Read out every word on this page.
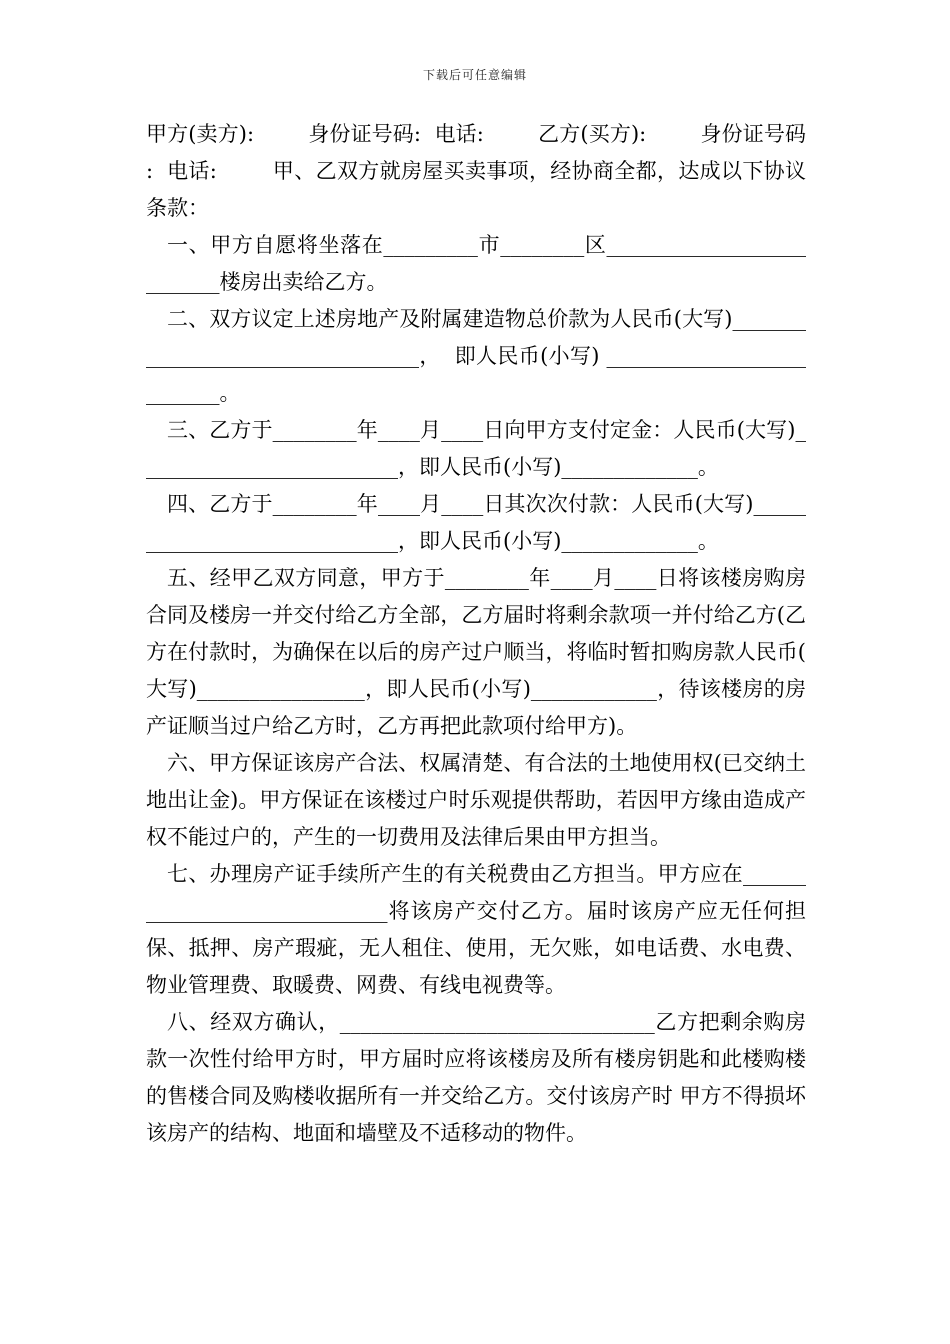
下载后可任意编辑

甲方(卖方):        身份证号码:  电话:        乙方(买方):        身份证号码:  电话:        甲、乙双方就房屋买卖事项，经协商全都，达成以下协议条款：

一、甲方自愿将坐落在_________市________区__________________________楼房出卖给乙方。

二、双方议定上述房地产及附属建造物总价款为人民币(大写)_________________________________，  即人民币(小写) __________________________。

三、乙方于________年____月____日向甲方支付定金：人民币(大写)_________________________，即人民币(小写)_____________。

四、乙方于________年____月____日其次次付款：人民币(大写)_____________________________，即人民币(小写)_____________。

五、经甲乙双方同意，甲方于________年____月____日将该楼房购房合同及楼房一并交付给乙方全部，乙方届时将剩余款项一并付给乙方(乙方在付款时，为确保在以后的房产过户顺当，将临时暂扣购房款人民币(大写)________________，即人民币(小写)____________，待该楼房的房产证顺当过户给乙方时，乙方再把此款项付给甲方)。

六、甲方保证该房产合法、权属清楚、有合法的土地使用权(已交纳土地出让金)。甲方保证在该楼过户时乐观提供帮助，若因甲方缘由造成产权不能过户的，产生的一切费用及法律后果由甲方担当。

七、办理房产证手续所产生的有关税费由乙方担当。甲方应在_____________________________将该房产交付乙方。届时该房产应无任何担保、抵押、房产瑕疵，无人租住、使用，无欠账，如电话费、水电费、物业管理费、取暖费、网费、有线电视费等。

八、经双方确认，______________________________乙方把剩余购房款一次性付给甲方时，甲方届时应将该楼房及所有楼房钥匙和此楼购楼的售楼合同及购楼收据所有一并交给乙方。交付该房产时 甲方不得损坏该房产的结构、地面和墙壁及不适移动的物件。
